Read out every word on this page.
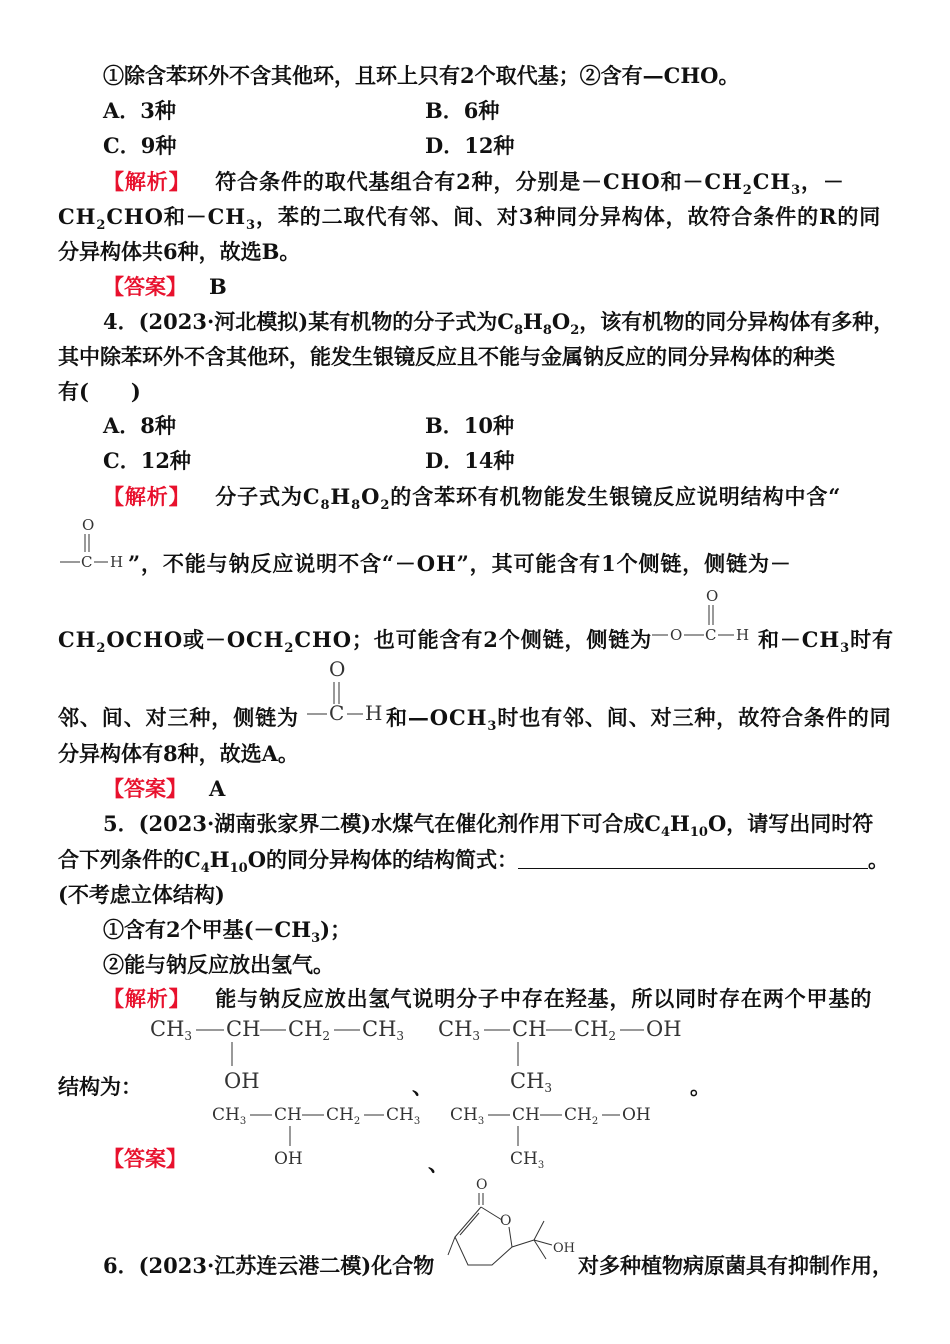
①除含苯环外不含其他环，且环上只有2个取代基；②含有—CHO。
A．3种	B．6种
C．9种	D．12种
【解析】 符合条件的取代基组合有2种，分别是－CHO和$-CH_2CH_3$，－
$CH_2CHO$和$-CH_3$，苯的二取代有邻、间、对3种同分异构体，故符合条件的R的同
分异构体共6种，故选B。
【答案】 B
4．(2023·河北模拟)某有机物的分子式为$C_8H_8O_2$，该有机物的同分异构体有多种，
其中除苯环外不含其他环，能发生银镜反应且不能与金属钠反应的同分异构体的种类
有(　　)
A．8种	B．10种
C．12种	D．14种
【解析】 分子式为$C_8H_8O_2$的含苯环有机物能发生银镜反应说明结构中含“
O
C H ”，不能与钠反应说明不含“－OH”，其可能含有1个侧链，侧链为－
$CH_2OCHO$或$-OCH_2CHO$；也可能含有2个侧链，侧链为
O
O C H 和$-CH_3$时有
邻、间、对三种，侧链为
O
C H 和$—OCH_3$时也有邻、间、对三种，故符合条件的同
分异构体有8种，故选A。
【答案】 A
5．(2023·湖南张家界二模)水煤气在催化剂作用下可合成$C_4H_{10}O$，请写出同时符
合下列条件的$C_4H_{10}O$的同分异构体的结构简式：	。
(不考虑立体结构)
①含有2个甲基$(-CH_3)$；
②能与钠反应放出氢气。
【解析】 能与钠反应放出氢气说明分子中存在羟基，所以同时存在两个甲基的
CH3 CH CH2 CH3
OH
结构为：	、
CH3 CH CH2 OH
CH3	。
【答案】
$CH_3$ CH $CH_2$ $CH_3$
OH	、
$CH_3$ CH $CH_2$ OH
$CH_3$
6．(2023·江苏连云港二模)化合物
O
O
OH
对多种植物病原菌具有抑制作用，
